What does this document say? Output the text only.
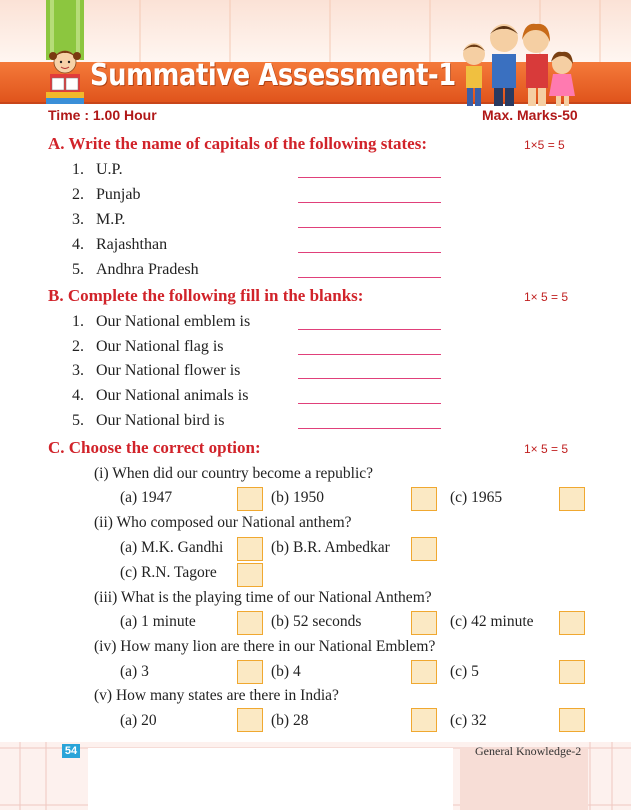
Summative Assessment-1
Time : 1.00 Hour	Max. Marks-50
A. Write the name of capitals of the following states:	1×5 = 5
1. U.P.
2. Punjab
3. M.P.
4. Rajashthan
5. Andhra Pradesh
B. Complete the following fill in the blanks:	1× 5 = 5
1. Our National emblem is
2. Our National flag is
3. Our National flower is
4. Our National animals is
5. Our National bird is
C. Choose the correct option:	1× 5 = 5
(i) When did our country become a republic?
(a) 1947	(b) 1950	(c) 1965
(ii) Who composed our National anthem?
(a) M.K. Gandhi	(b) B.R. Ambedkar
(c) R.N. Tagore
(iii) What is the playing time of our National Anthem?
(a) 1 minute	(b) 52 seconds	(c) 42 minute
(iv) How many lion are there in our National Emblem?
(a) 3	(b) 4	(c) 5
(v) How many states are there in India?
(a) 20	(b) 28	(c) 32
54	General Knowledge-2
